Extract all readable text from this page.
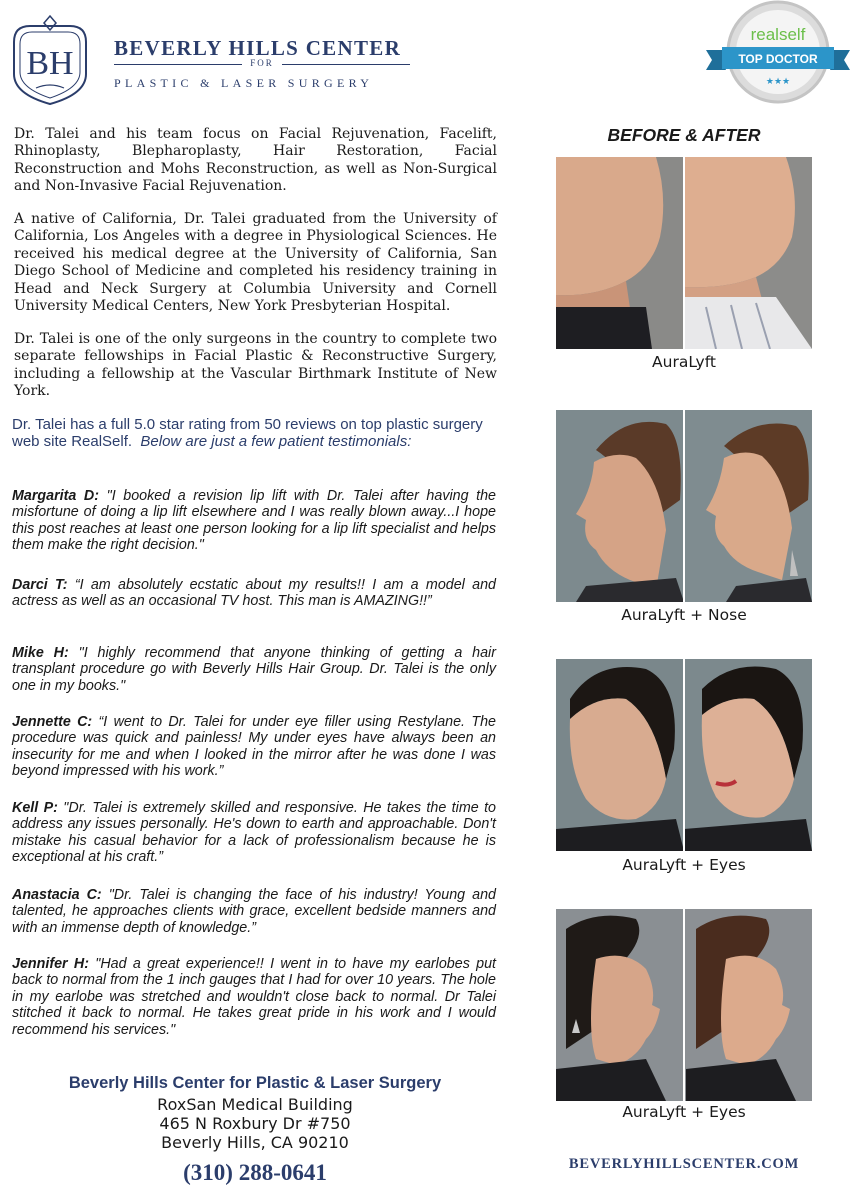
BH BEVERLY HILLS CENTER
FOR
PLASTIC & LASER SURGERY
realself
TOP DOCTOR
★★★

Dr. Talei and his team focus on Facial Rejuvenation, Facelift, Rhinoplasty, Blepharoplasty, Hair Restoration, Facial Reconstruction and Mohs Reconstruction, as well as Non-Surgical and Non-Invasive Facial Rejuvenation.

A native of California, Dr. Talei graduated from the University of California, Los Angeles with a degree in Physiological Sciences. He received his medical degree at the University of California, San Diego School of Medicine and completed his residency training in Head and Neck Surgery at Columbia University and Cornell University Medical Centers, New York Presbyterian Hospital.

Dr. Talei is one of the only surgeons in the country to complete two separate fellowships in Facial Plastic & Reconstructive Surgery, including a fellowship at the Vascular Birthmark Institute of New York.

Dr. Talei has a full 5.0 star rating from 50 reviews on top plastic surgery web site RealSelf. Below are just a few patient testimonials:

Margarita D: "I booked a revision lip lift with Dr. Talei after having the misfortune of doing a lip lift elsewhere and I was really blown away...I hope this post reaches at least one person looking for a lip lift specialist and helps them make the right decision."

Darci T: “I am absolutely ecstatic about my results!! I am a model and actress as well as an occasional TV host. This man is AMAZING!!”

Mike H: "I highly recommend that anyone thinking of getting a hair transplant procedure go with Beverly Hills Hair Group. Dr. Talei is the only one in my books."

Jennette C: “I went to Dr. Talei for under eye filler using Restylane. The procedure was quick and painless! My under eyes have always been an insecurity for me and when I looked in the mirror after he was done I was beyond impressed with his work.”

Kell P: "Dr. Talei is extremely skilled and responsive. He takes the time to address any issues personally. He's down to earth and approachable. Don't mistake his casual behavior for a lack of professionalism because he is exceptional at his craft.”

Anastacia C: "Dr. Talei is changing the face of his industry! Young and talented, he approaches clients with grace, excellent bedside manners and with an immense depth of knowledge.”

Jennifer H: "Had a great experience!! I went in to have my earlobes put back to normal from the 1 inch gauges that I had for over 10 years. The hole in my earlobe was stretched and wouldn't close back to normal. Dr Talei stitched it back to normal. He takes great pride in his work and I would recommend his services."

Beverly Hills Center for Plastic & Laser Surgery
RoxSan Medical Building
465 N Roxbury Dr #750
Beverly Hills, CA 90210
(310) 288-0641
BEFORE & AFTER
AuraLyft
AuraLyft + Nose
AuraLyft + Eyes
AuraLyft + Eyes
BEVERLYHILLSCENTER.COM
